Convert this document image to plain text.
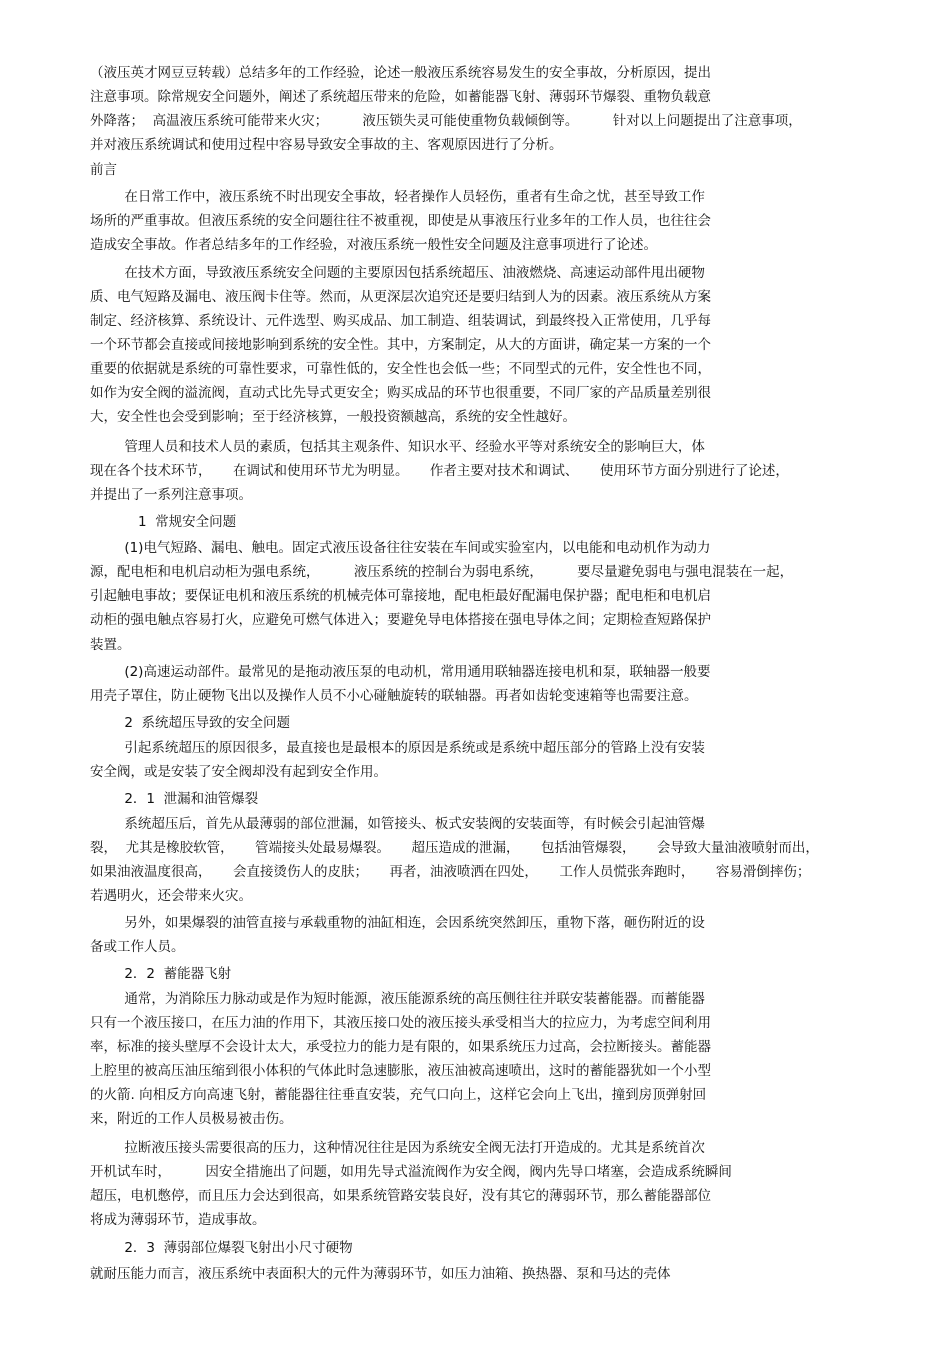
（液压英才网豆豆转载）总结多年的工作经验，论述一般液压系统容易发生的安全事故，分析原因，提出

注意事项。除常规安全问题外，阐述了系统超压带来的危险，如蓄能器飞射、薄弱环节爆裂、重物负载意

外降落；  高温液压系统可能带来火灾；        液压锁失灵可能使重物负载倾倒等。        针对以上问题提出了注意事项，

并对液压系统调试和使用过程中容易导致安全事故的主、客观原因进行了分析。

前言

在日常工作中，液压系统不时出现安全事故，轻者操作人员轻伤，重者有生命之忧，甚至导致工作

场所的严重事故。但液压系统的安全问题往往不被重视，即使是从事液压行业多年的工作人员，也往往会

造成安全事故。作者总结多年的工作经验，对液压系统一般性安全问题及注意事项进行了论述。

在技术方面，导致液压系统安全问题的主要原因包括系统超压、油液燃烧、高速运动部件甩出硬物

质、电气短路及漏电、液压阀卡住等。然而，从更深层次追究还是要归结到人为的因素。液压系统从方案

制定、经济核算、系统设计、元件选型、购买成品、加工制造、组装调试，到最终投入正常使用，几乎每

一个环节都会直接或间接地影响到系统的安全性。其中，方案制定，从大的方面讲，确定某一方案的一个

重要的依据就是系统的可靠性要求，可靠性低的，安全性也会低一些；不同型式的元件，安全性也不同，

如作为安全阀的溢流阀，直动式比先导式更安全；购买成品的环节也很重要，不同厂家的产品质量差别很

大，安全性也会受到影响；至于经济核算，一般投资额越高，系统的安全性越好。

管理人员和技术人员的素质，包括其主观条件、知识水平、经验水平等对系统安全的影响巨大，体

现在各个技术环节，     在调试和使用环节尤为明显。     作者主要对技术和调试、     使用环节方面分别进行了论述，

并提出了一系列注意事项。

1  常规安全问题

(1)电气短路、漏电、触电。固定式液压设备往往安装在车间或实验室内，以电能和电动机作为动力

源，配电柜和电机启动柜为强电系统，        液压系统的控制台为弱电系统，        要尽量避免弱电与强电混装在一起，

引起触电事故；要保证电机和液压系统的机械壳体可靠接地，配电柜最好配漏电保护器；配电柜和电机启

动柜的强电触点容易打火，应避免可燃气体进入；要避免导电体搭接在强电导体之间；定期检查短路保护

装置。

(2)高速运动部件。最常见的是拖动液压泵的电动机，常用通用联轴器连接电机和泵，联轴器一般要

用壳子罩住，防止硬物飞出以及操作人员不小心碰触旋转的联轴器。再者如齿轮变速箱等也需要注意。

2  系统超压导致的安全问题

引起系统超压的原因很多，最直接也是最根本的原因是系统或是系统中超压部分的管路上没有安装

安全阀，或是安装了安全阀却没有起到安全作用。

2．1  泄漏和油管爆裂

系统超压后，首先从最薄弱的部位泄漏，如管接头、板式安装阀的安装面等，有时候会引起油管爆

裂，  尤其是橡胶软管，     管端接头处最易爆裂。     超压造成的泄漏，     包括油管爆裂，     会导致大量油液喷射而出，

如果油液温度很高，     会直接烫伤人的皮肤；     再者，油液喷洒在四处，     工作人员慌张奔跑时，     容易滑倒摔伤；

若遇明火，还会带来火灾。

另外，如果爆裂的油管直接与承载重物的油缸相连，会因系统突然卸压，重物下落，砸伤附近的设

备或工作人员。

2．2  蓄能器飞射

通常，为消除压力脉动或是作为短时能源，液压能源系统的高压侧往往并联安装蓄能器。而蓄能器

只有一个液压接口，在压力油的作用下，其液压接口处的液压接头承受相当大的拉应力，为考虑空间利用

率，标准的接头壁厚不会设计太大，承受拉力的能力是有限的，如果系统压力过高，会拉断接头。蓄能器

上腔里的被高压油压缩到很小体积的气体此时急速膨胀，液压油被高速喷出，这时的蓄能器犹如一个小型

的火箭. 向相反方向高速飞射，蓄能器往往垂直安装，充气口向上，这样它会向上飞出，撞到房顶弹射回

来，附近的工作人员极易被击伤。

拉断液压接头需要很高的压力，这种情况往往是因为系统安全阀无法打开造成的。尤其是系统首次

开机试车时，        因安全措施出了问题，如用先导式溢流阀作为安全阀，阀内先导口堵塞，会造成系统瞬间

超压，电机憋停，而且压力会达到很高，如果系统管路安装良好，没有其它的薄弱环节，那么蓄能器部位

将成为薄弱环节，造成事故。

2．3  薄弱部位爆裂飞射出小尺寸硬物

就耐压能力而言，液压系统中表面积大的元件为薄弱环节，如压力油箱、换热器、泵和马达的壳体
